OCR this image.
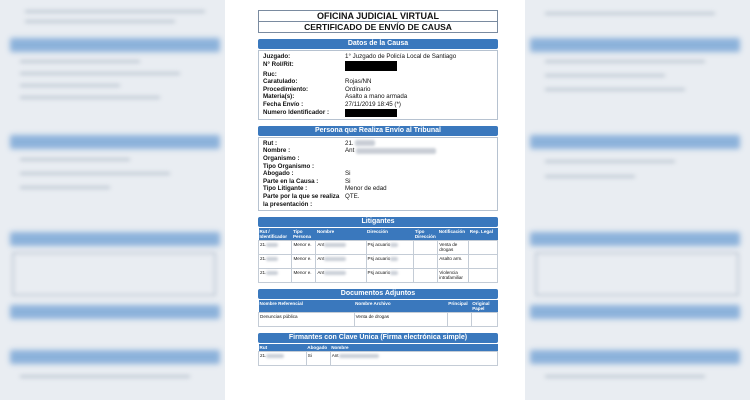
OFICINA JUDICIAL VIRTUAL
CERTIFICADO DE ENVÍO DE CAUSA
Datos de la Causa
Juzgado:	1° Juzgado de Policía Local de Santiago
N° Rol/Rit:
Ruc:
Caratulado:	Rojas/NN
Procedimiento:	Ordinario
Materia(s):	Asalto a mano armada
Fecha Envío :	27/11/2019 18:45 (*)
Numero Identificador :
Persona que Realiza Envío al Tribunal
Rut :	21.
Nombre :	Ant
Organismo :
Tipo Organismo :
Abogado :	Si
Parte en la Causa :	Si
Tipo Litigante :	Menor de edad
Parte por la que se realiza la presentación :
QTE.
Litigantes
Rut / Identificador	Tipo Persona	Nombre	Dirección	Tipo Dirección	Notificación	Rep. Legal
21.	Menor e.	Ant	Psj acuario		Venta de drogas	
21.	Menor e.	Ant	Psj acuario		Asalto arm.	
21.	Menor e.	Ant	Psj acuario		Violencia intrafamiliar	
Documentos Adjuntos
Nombre Referencial	Nombre Archivo	Principal	Original Papel
Denuncias pública	Venta de drogas		
Firmantes con Clave Única (Firma electrónica simple)
Rut	Abogado	Nombre
21.	Si	Ant
